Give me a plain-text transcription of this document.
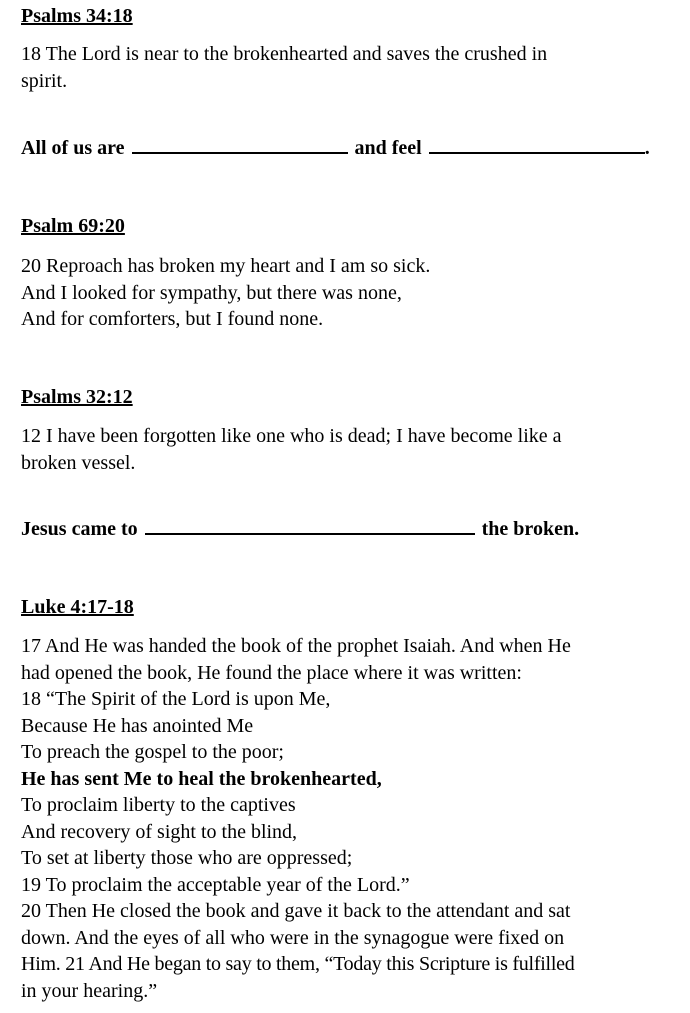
Psalms 34:18

18 The Lord is near to the brokenhearted and saves the crushed in

spirit.

All of us are	and feel	.

Psalm 69:20

20 Reproach has broken my heart and I am so sick.

And I looked for sympathy, but there was none,

And for comforters, but I found none.

Psalms 32:12

12 I have been forgotten like one who is dead; I have become like a

broken vessel.

Jesus came to	the broken.

Luke 4:17-18

17 And He was handed the book of the prophet Isaiah. And when He

had opened the book, He found the place where it was written:

18 “The Spirit of the Lord is upon Me,

Because He has anointed Me

To preach the gospel to the poor;

He has sent Me to heal the brokenhearted,

To proclaim liberty to the captives

And recovery of sight to the blind,

To set at liberty those who are oppressed;

19 To proclaim the acceptable year of the Lord.”

20 Then He closed the book and gave it back to the attendant and sat

down. And the eyes of all who were in the synagogue were fixed on

Him. 21 And He began to say to them, “Today this Scripture is fulfilled

in your hearing.”
